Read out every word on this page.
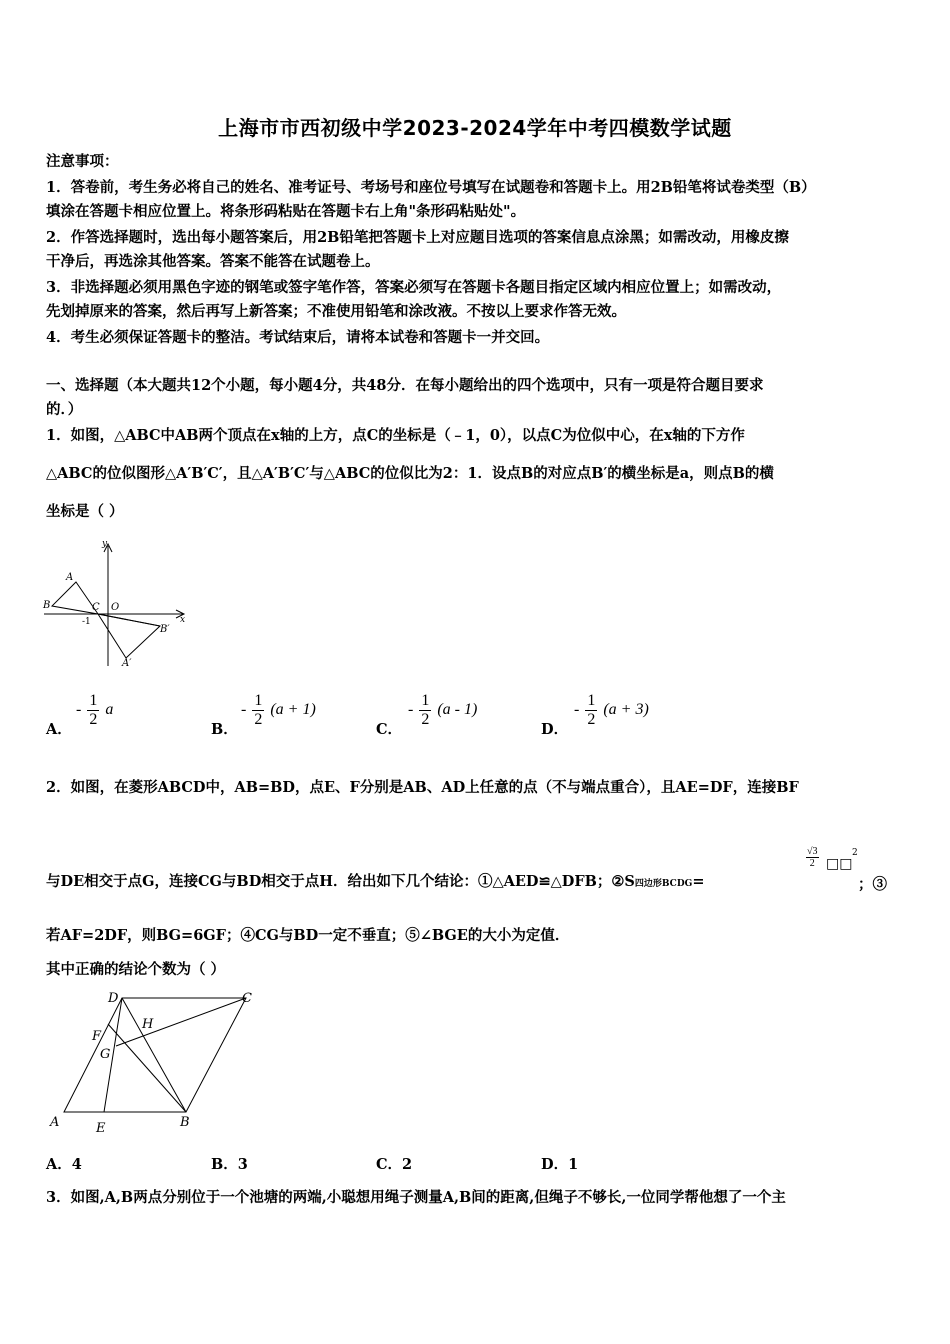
上海市市西初级中学2023-2024学年中考四模数学试题
注意事项：
1．答卷前，考生务必将自己的姓名、准考证号、考场号和座位号填写在试题卷和答题卡上。用2B铅笔将试卷类型（B）
填涂在答题卡相应位置上。将条形码粘贴在答题卡右上角"条形码粘贴处"。
2．作答选择题时，选出每小题答案后，用2B铅笔把答题卡上对应题目选项的答案信息点涂黑；如需改动，用橡皮擦
干净后，再选涂其他答案。答案不能答在试题卷上。
3．非选择题必须用黑色字迹的钢笔或签字笔作答，答案必须写在答题卡各题目指定区域内相应位置上；如需改动，
先划掉原来的答案，然后再写上新答案；不准使用铅笔和涂改液。不按以上要求作答无效。
4．考生必须保证答题卡的整洁。考试结束后，请将本试卷和答题卡一并交回。
一、选择题（本大题共12个小题，每小题4分，共48分．在每小题给出的四个选项中，只有一项是符合题目要求
的．）
1．如图，△ABC中AB两个顶点在x轴的上方，点C的坐标是（﹣1，0），以点C为位似中心，在x轴的下方作
△ABC的位似图形△A′B′C′，且△A′B′C′与△ABC的位似比为2：1．设点B的对应点B′的横坐标是a，则点B的横
坐标是（ ）
y
x
A
B	C O
-1
B′
A′
A．
- $\frac{1}{2}$ a
B．
- $\frac{1}{2} (a + 1)$
C．
- $\frac{1}{2} (a - 1)$
D．
- $\frac{1}{2} (a + 3)$
2．如图，在菱形ABCD中，AB=BD，点E、F分别是AB、AD上任意的点（不与端点重合），且AE=DF，连接BF
与DE相交于点G，连接CG与BD相交于点H．给出如下几个结论：①△AED≌△DFB；②S四边形BCDG=
$\frac{√3}{2}$ □□
2
；③
若AF=2DF，则BG=6GF；④CG与BD一定不垂直；⑤∠BGE的大小为定值．
其中正确的结论个数为（ ）
D	C
H
F
G
A	E	B
A．4	B．3	C．2	D．1
3．如图,A,B两点分别位于一个池塘的两端,小聪想用绳子测量A,B间的距离,但绳子不够长,一位同学帮他想了一个主
